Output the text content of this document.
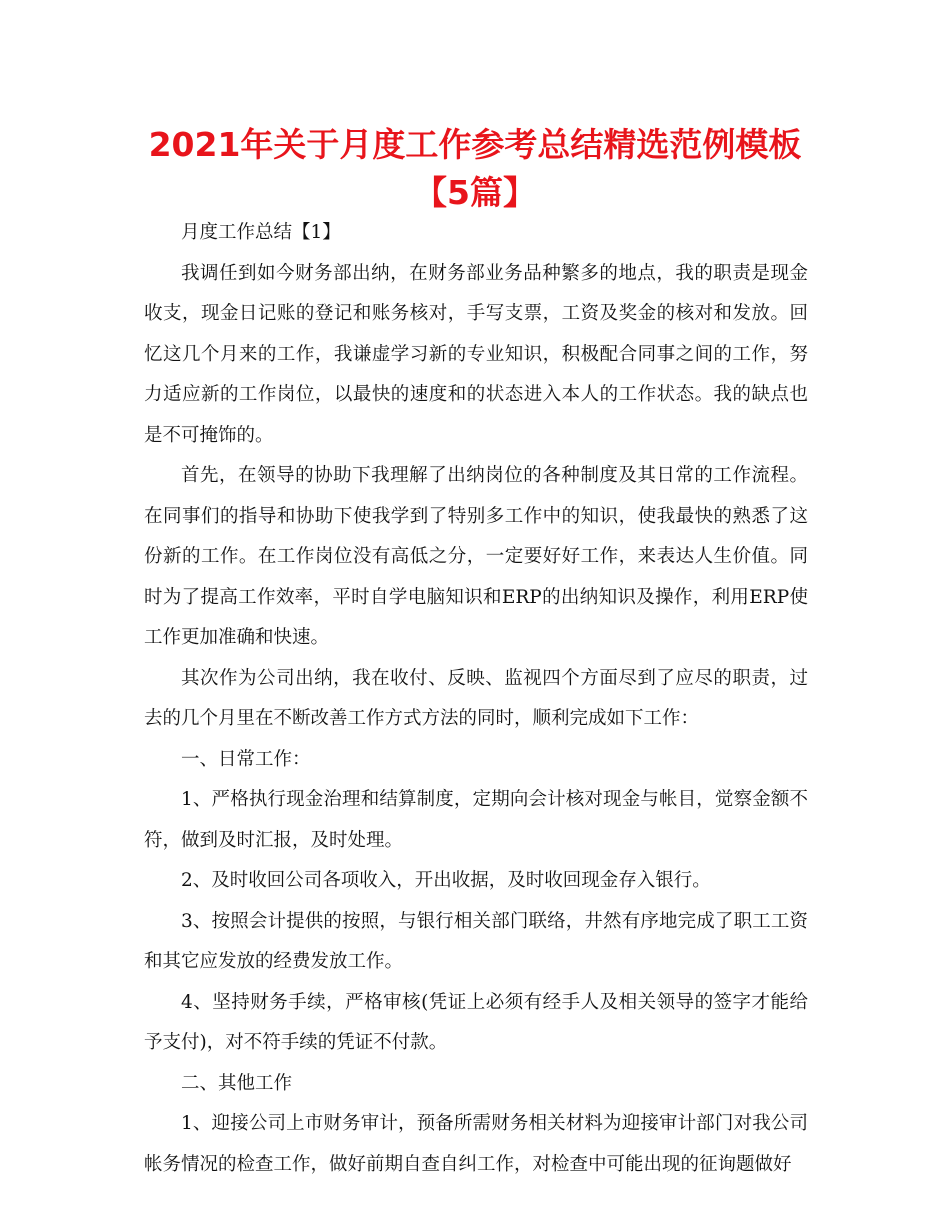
2021年关于月度工作参考总结精选范例模板
【5篇】

月度工作总结【1】

我调任到如今财务部出纳，在财务部业务品种繁多的地点，我的职责是现金收支，现金日记账的登记和账务核对，手写支票，工资及奖金的核对和发放。回忆这几个月来的工作，我谦虚学习新的专业知识，积极配合同事之间的工作，努力适应新的工作岗位，以最快的速度和的状态进入本人的工作状态。我的缺点也是不可掩饰的。

首先，在领导的协助下我理解了出纳岗位的各种制度及其日常的工作流程。在同事们的指导和协助下使我学到了特别多工作中的知识，使我最快的熟悉了这份新的工作。在工作岗位没有高低之分，一定要好好工作，来表达人生价值。同时为了提高工作效率，平时自学电脑知识和ERP的出纳知识及操作，利用ERP使工作更加准确和快速。

其次作为公司出纳，我在收付、反映、监视四个方面尽到了应尽的职责，过去的几个月里在不断改善工作方式方法的同时，顺利完成如下工作：

一、日常工作：

1、严格执行现金治理和结算制度，定期向会计核对现金与帐目，觉察金额不符，做到及时汇报，及时处理。

2、及时收回公司各项收入，开出收据，及时收回现金存入银行。

3、按照会计提供的按照，与银行相关部门联络，井然有序地完成了职工工资和其它应发放的经费发放工作。

4、坚持财务手续，严格审核(凭证上必须有经手人及相关领导的签字才能给予支付)，对不符手续的凭证不付款。

二、其他工作

1、迎接公司上市财务审计，预备所需财务相关材料为迎接审计部门对我公司帐务情况的检查工作，做好前期自查自纠工作，对检查中可能出现的征询题做好
